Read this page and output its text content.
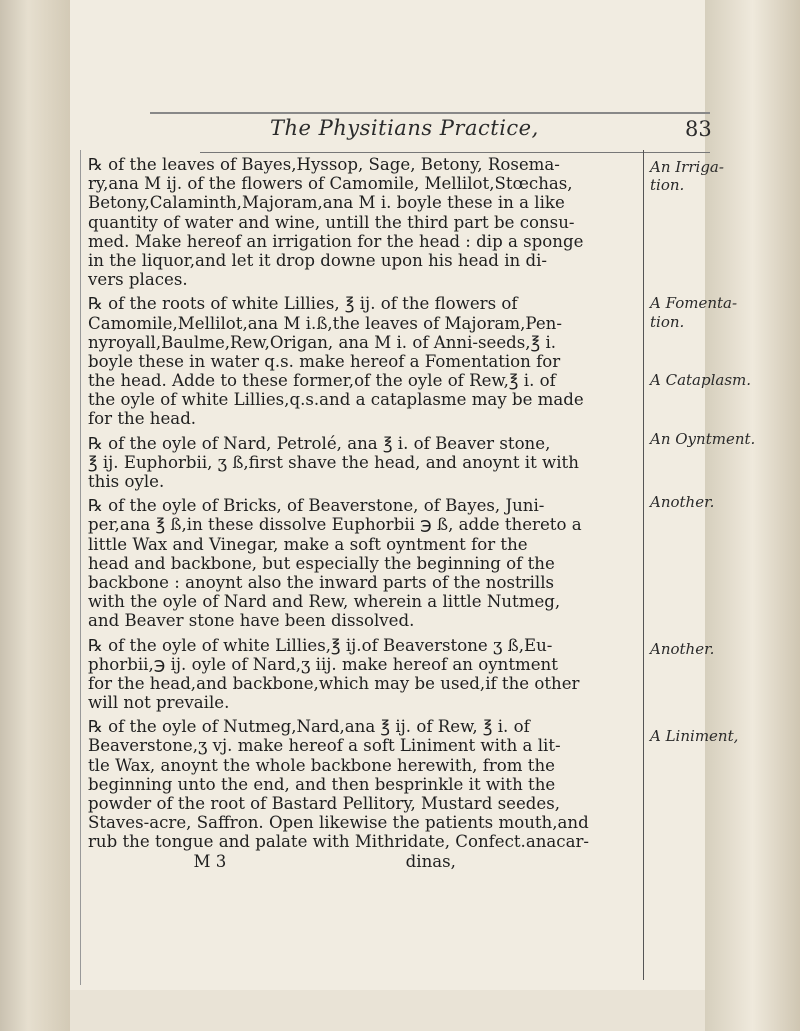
The Physitians Practice,	83
℞ of the leaves of Bayes,Hyssop, Sage, Betony, Rosema-
ry,ana M ij. of the flowers of Camomile, Mellilot,Stœchas,
Betony,Calaminth,Majoram,ana M i. boyle these in a like
quantity of water and wine, untill the third part be consu-
med. Make hereof an irrigation for the head : dip a sponge
in the liquor,and let it drop downe upon his head in di-
vers places.
℞ of the roots of white Lillies, ℥ ij. of the flowers of
Camomile,Mellilot,ana M i.ß,the leaves of Majoram,Pen-
nyroyall,Baulme,Rew,Origan, ana M i. of Anni-seeds,℥ i.
boyle these in water q.s. make hereof a Fomentation for
the head. Adde to these former,of the oyle of Rew,℥ i. of
the oyle of white Lillies,q.s.and a cataplasme may be made
for the head.
℞ of the oyle of Nard, Petrolé, ana ℥ i. of Beaver stone,
℥ ij. Euphorbii, ʒ ß,first shave the head, and anoynt it with
this oyle.
℞ of the oyle of Bricks, of Beaverstone, of Bayes, Juni-
per,ana ℥ ß,in these dissolve Euphorbii ℈ ß, adde thereto a
little Wax and Vinegar, make a soft oyntment for the
head and backbone, but especially the beginning of the
backbone : anoynt also the inward parts of the nostrills
with the oyle of Nard and Rew, wherein a little Nutmeg,
and Beaver stone have been dissolved.
℞ of the oyle of white Lillies,℥ ij.of Beaverstone ʒ ß,Eu-
phorbii,℈ ij. oyle of Nard,ʒ iij. make hereof an oyntment
for the head,and backbone,which may be used,if the other
will not prevaile.
℞ of the oyle of Nutmeg,Nard,ana ℥ ij. of Rew, ℥ i. of
Beaverstone,ʒ vj. make hereof a soft Liniment with a lit-
tle Wax, anoynt the whole backbone herewith, from the
beginning unto the end, and then besprinkle it with the
powder of the root of Bastard Pellitory, Mustard seedes,
Staves-acre, Saffron. Open likewise the patients mouth,and
rub the tongue and palate with Mithridate, Confect.anacar-
M 3                                  dinas,
An Irriga-
tion.
A Fomenta-
tion.

A Cataplasm.
An Oyntment.
Another.
Another.
A Liniment,
